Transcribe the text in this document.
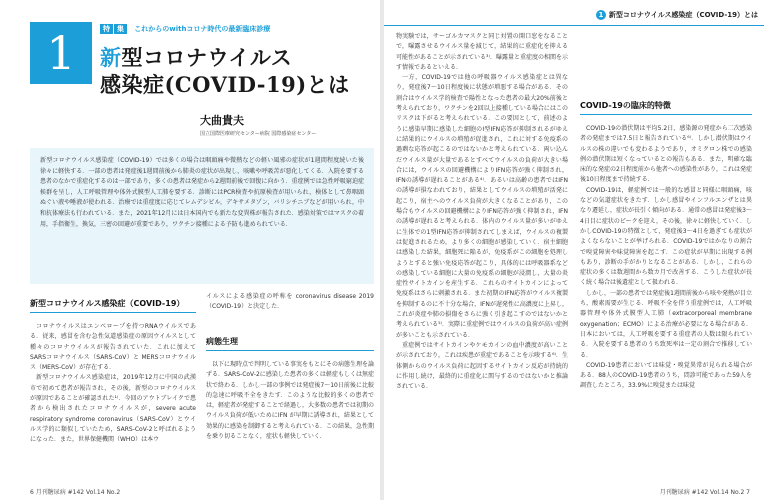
1	特 集 これからのwithコロナ時代の最新臨床診療
新型コロナウイルス
感染症(COVID-19)とは
大曲貴夫
国立国際医療研究センター病院 国際感染症センター
新型コロナウイルス感染症（COVID-19）では多くの場合は咽頭痛や微熱などの軽い風邪の症状が1週間程度続いた後徐々に軽快する．一部の患者は発症後1週間前後から肺炎の症状が出現し，咳嗽や呼吸苦が悪化してくる．入院を要する患者のなかで重症化するのは一部であり，多くの患者は発症から2週間前後で回復に向かう．重症例では急性呼吸窮迫症候群を呈し，人工呼吸管理や体外式膜型人工肺を要する．診断にはPCR検査や抗原検査が用いられ，検体として鼻咽頭ぬぐい液や唾液が使われる．治療では重症度に応じてレムデシビル，デキサメタゾン，バリシチニブなどが用いられ，中和抗体療法も行われている．また，2021年12月には日本国内でも新たな変異株が報告された．感染対策ではマスクの着用，手指衛生，換気，三密の回避が重要であり，ワクチン接種による予防も進められている．
新型コロナウイルス感染症（COVID-19）

コロナウイルスはエンベロープを持つRNAウイルスである．従来，感冒を含む急性気道感染症の原因ウイルスとして種々のコロナウイルスが報告されていた．これに加えて SARSコロナウイルス（SARS-CoV）と MERSコロナウイルス（MERS-CoV）が存在する．

新型コロナウイルス感染症は，2019年12月に中国の武漢市で初めて患者が報告され，その後，新型のコロナウイルスが原因であることが確認された¹⁾．今回のアウトブレイクで患者から検出されたコロナウイルスが，severe acute respiratory syndrome coronavirus（SARS-CoV）とウイルス学的に類似していたため，SARS-CoV-2と呼ばれるようになった．また，世界保健機関（WHO）は本ウ

イルスによる感染症の呼称を coronavirus disease 2019（COVID-19）と決定した．

病態生理

以下に現時点で判明している事実をもとにその病態生理を論ずる．SARS-CoV-2に感染した患者の多くは軽症もしくは無症状で終わる．しかし一部の事例では発症後7〜10日前後に比較的急速に呼吸不全をきたす．このような比較的多くの患者では，軽症者が発症することで経過し，大多数の患者では初期のウイルス負荷が低いためにIFN が早期に誘導され，結果として効果的に感染を制御すると考えられている．この結果，急性期を乗り切ることなく，症状も軽快していく．

6 月刊糖尿病 #142 Vol.14 No.2
1 新型コロナウイルス感染症（COVID-19）とは

物実験では，サーゴルカマスクと同じ対置の開口窓をなることで，曝露させるウイルス量を減じて，結果的に重症化を抑える可能性があることが示されている³⁾．曝露量と重症度の相関を示す情報であるといえる．

一方，COVID-19では他の呼吸器ウイルス感染症とは異なり，発症後7〜10日程度後に状態が増悪する場合がある．その割合はウイルス学的検査で陽性となった患者の最大20%前後と考えられており，ワクチンを2回以上接種している場合にはこのリスクは下がると考えられている．この要因として，前述のように感染早期に感染した細胞のⅠ型IFN応答が抑制されるがゆえに結果的にウイルスの増殖が促進され，これに対する免疫系の過剰な応答が起こるのではないかと考えられている．両い込んだウイルス量が大量であるとすべてウイルスの負荷が大きい場合には，ウイルスの回避機構によりIFN応答が強く抑制され，IFNの誘導が遅れることがある⁴⁾．あるいは高齢の患者ではIFNの誘導が損なわれており，結果としてウイルスの増殖が活発に起こり，宿主へのウイルス負荷が大きくなることがあり，この場合もウイルスの回避機構によりIFN応答が強く抑制され，IFNの誘導が遅れると考えられる．体内のウイルス量が多いがゆえに生体での1型IFN応答が抑制されてしまえば，ウイルスの複製は促進されるため，より多くの細胞が感染していく．宿主細胞は感染した結果，細胞死に陥るが，免疫系がこの細胞を処理しようとすると強い免疫応答が起こり，具体的には呼吸器系などの感染している細胞に大量の免疫系の細胞が浸潤し，大量の炎症性サイトカインを産生する．これらのサイトカインによって免疫系はさらに刺激される．また初期のIFN応答がウイルス複製を抑制するのに不十分な場合，IFNが遅発性に高濃度に上昇し，これが炎症や肺の損傷をさらに強く引き起こすのではないかと考えられている⁵⁾．実際に重症例ではウイルスの負荷が高い症例が多いことも示されている．

重症例ではサイトカインやケモカインの血中濃度が高いことが示されており，これは疾患が重症であることを示唆する⁶⁾．生体側からのウイルス負荷に起因するサイトカイン反応が持続的に作用し続け，最終的に重症化に関与するのではないかと推論されている．

COVID-19の臨床的特徴

COVID-19の潜伏期は平均5.2日，感染源の発症から二次感染者の発症までは7.5日と報告されている⁶⁾．しかし潜伏期はウイルスの株の違いでも変わるようであり，オミクロン株での感染例の潜伏期は短くなっているとの報告もある．また，明確な臨床的な発症の2日程度前から他者への感染性があり，これは発症後10日程度まで持続する．

COVID-19は，軽症例では一般的な感冒と同様に咽頭痛，咳などの気道症状をきたす．しかし感冒やインフルエンザとは異なり遷延し，症状が長引く傾向がある．通常の感冒は発症後3〜4日目に症状のピークを迎え，その後，徐々に軽快していく．しかしCOVID-19の特徴として，発症後3〜4日を過ぎても症状がよくならないことが挙げられる．COVID-19ではかなりの割合で嗅覚障害や味覚障害を起こす．この症状が早期に出現する例もあり，診断の手がかりとなることがある．しかし，これらの症状の多くは数週間から数カ月で改善する．こうした症状が長く続く場合は後遺症として扱われる．

しかし，一部の患者では発症後1週間前後から咳や発熱が目立ち，酸素需要が生じる．呼吸不全を伴う重症例では，人工呼吸器管理や体外式膜型人工肺（extracorporeal membrane oxygenation；ECMO）による治療が必要になる場合がある．日本においては，人工呼吸を要する重症者の人数は限られている．入院を要する患者のうち致死率は一定の割合で推移している．

COVID-19患者においては味覚・嗅覚異常が見られる場合がある．88人のCOVID-19患者のうち，問診可能であった59人を調査したところ，33.9%に嗅覚または味覚

月刊糖尿病 #142 Vol.14 No.2 7
